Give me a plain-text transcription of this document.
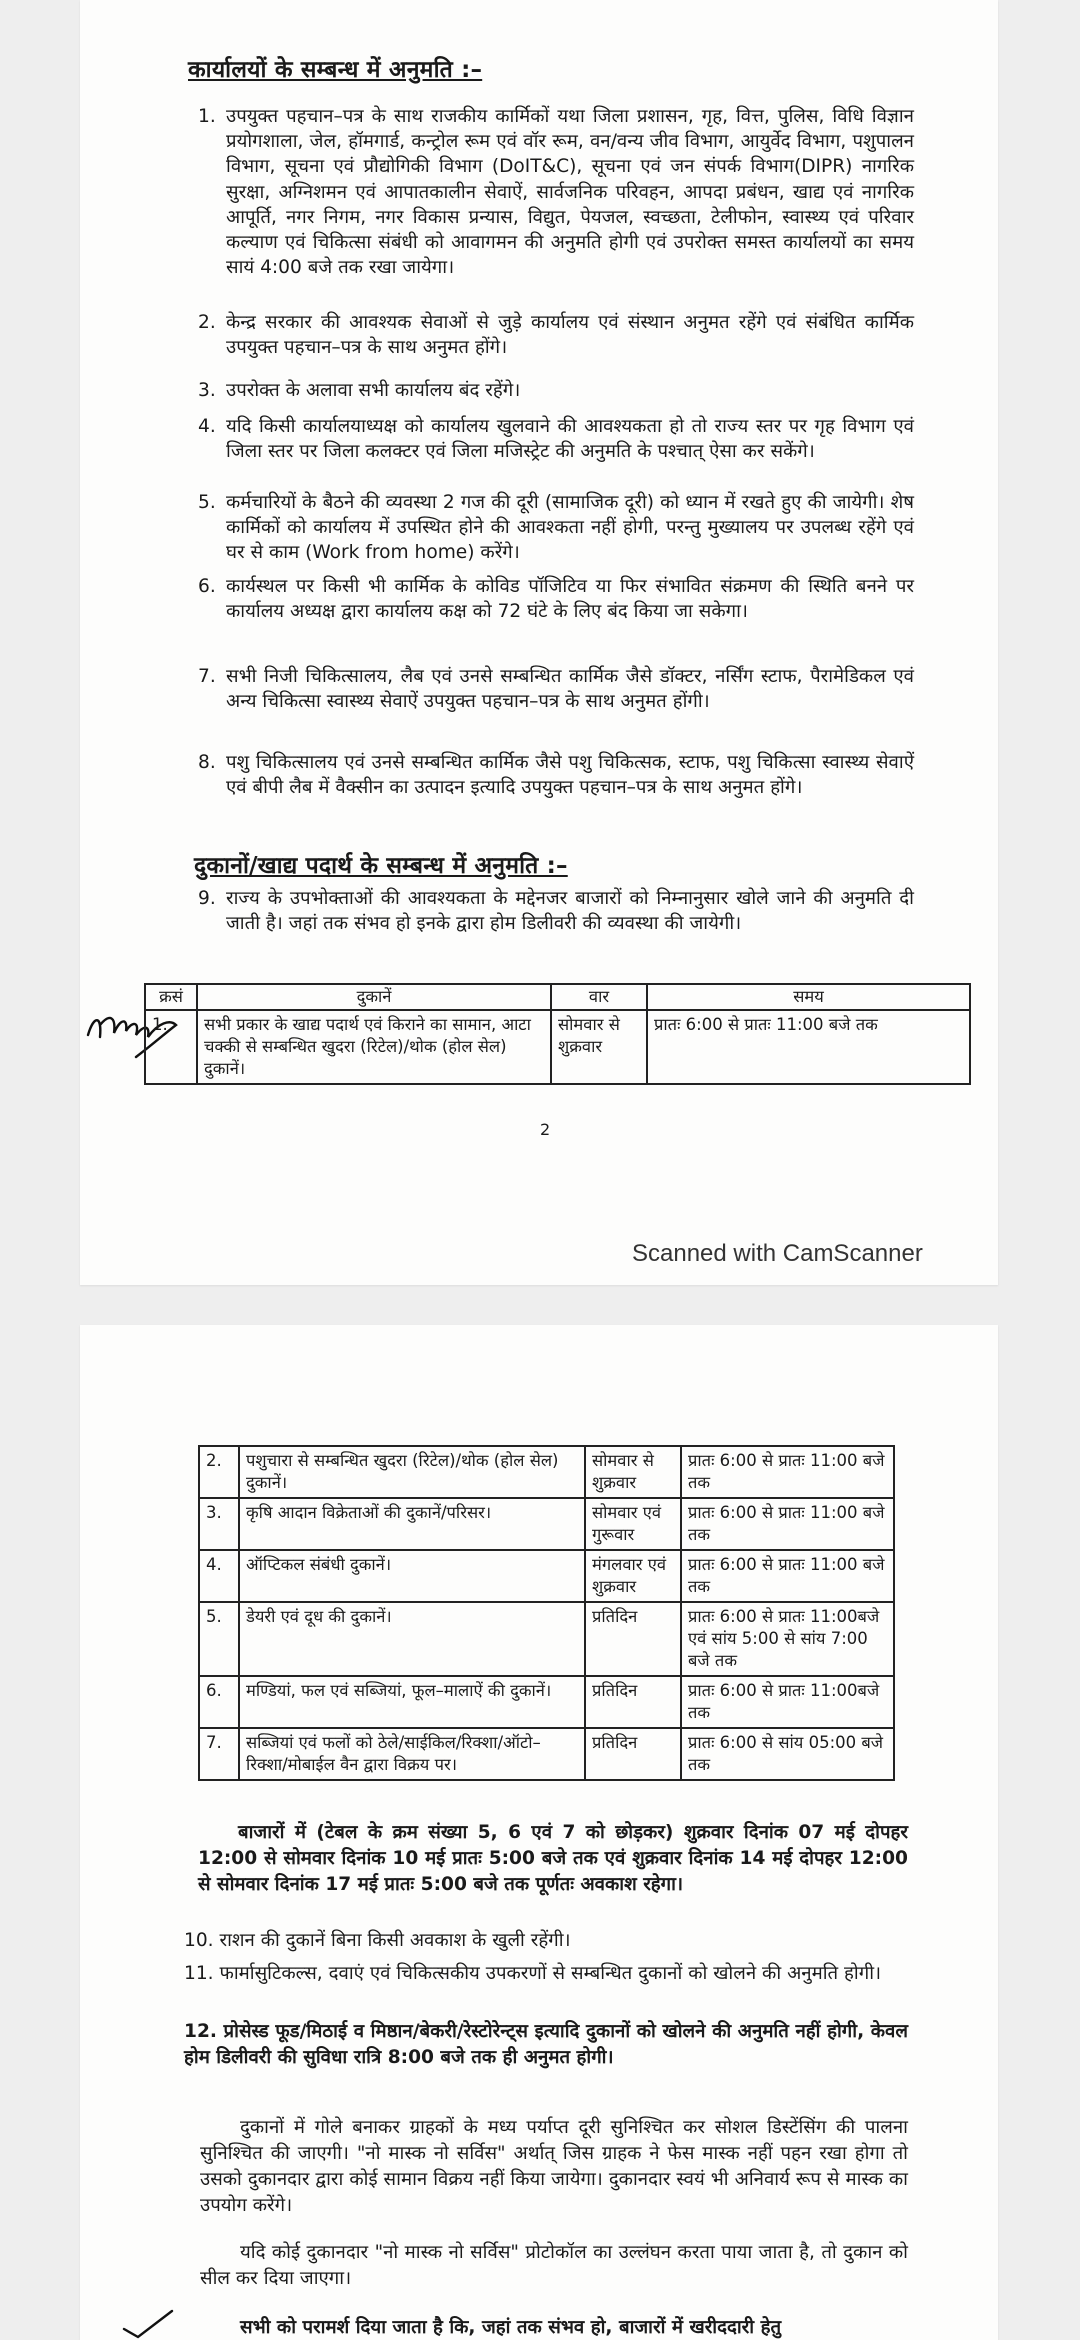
कार्यालयों के सम्बन्ध में अनुमति :–
1. उपयुक्त पहचान–पत्र के साथ राजकीय कार्मिकों यथा जिला प्रशासन, गृह, वित्त, पुलिस, विधि विज्ञान प्रयोगशाला, जेल, हॉमगार्ड, कन्ट्रोल रूम एवं वॉर रूम, वन/वन्य जीव विभाग, आयुर्वेद विभाग, पशुपालन विभाग, सूचना एवं प्रौद्योगिकी विभाग (DoIT&C), सूचना एवं जन संपर्क विभाग(DIPR) नागरिक सुरक्षा, अग्निशमन एवं आपातकालीन सेवाऐं, सार्वजनिक परिवहन, आपदा प्रबंधन, खाद्य एवं नागरिक आपूर्ति, नगर निगम, नगर विकास प्रन्यास, विद्युत, पेयजल, स्वच्छता, टेलीफोन, स्वास्थ्य एवं परिवार कल्याण एवं चिकित्सा संबंधी को आवागमन की अनुमति होगी एवं उपरोक्त समस्त कार्यालयों का समय सायं 4:00 बजे तक रखा जायेगा।
2. केन्द्र सरकार की आवश्यक सेवाओं से जुड़े कार्यालय एवं संस्थान अनुमत रहेंगे एवं संबंधित कार्मिक उपयुक्त पहचान–पत्र के साथ अनुमत होंगे।
3. उपरोक्त के अलावा सभी कार्यालय बंद रहेंगे।
4. यदि किसी कार्यालयाध्यक्ष को कार्यालय खुलवाने की आवश्यकता हो तो राज्य स्तर पर गृह विभाग एवं जिला स्तर पर जिला कलक्टर एवं जिला मजिस्ट्रेट की अनुमति के पश्चात् ऐसा कर सकेंगे।
5. कर्मचारियों के बैठने की व्यवस्था 2 गज की दूरी (सामाजिक दूरी) को ध्यान में रखते हुए की जायेगी। शेष कार्मिकों को कार्यालय में उपस्थित होने की आवश्कता नहीं होगी, परन्तु मुख्यालय पर उपलब्ध रहेंगे एवं घर से काम (Work from home) करेंगे।
6. कार्यस्थल पर किसी भी कार्मिक के कोविड पॉजिटिव या फिर संभावित संक्रमण की स्थिति बनने पर कार्यालय अध्यक्ष द्वारा कार्यालय कक्ष को 72 घंटे के लिए बंद किया जा सकेगा।
7. सभी निजी चिकित्सालय, लैब एवं उनसे सम्बन्धित कार्मिक जैसे डॉक्टर, नर्सिंग स्टाफ, पैरामेडिकल एवं अन्य चिकित्सा स्वास्थ्य सेवाऐं उपयुक्त पहचान–पत्र के साथ अनुमत होंगी।
8. पशु चिकित्सालय एवं उनसे सम्बन्धित कार्मिक जैसे पशु चिकित्सक, स्टाफ, पशु चिकित्सा स्वास्थ्य सेवाऐं एवं बीपी लैब में वैक्सीन का उत्पादन इत्यादि उपयुक्त पहचान–पत्र के साथ अनुमत होंगे।
दुकानों/खाद्य पदार्थ के सम्बन्ध में अनुमति :–
9. राज्य के उपभोक्ताओं की आवश्यकता के मद्देनजर बाजारों को निम्नानुसार खोले जाने की अनुमति दी जाती है। जहां तक संभव हो इनके द्वारा होम डिलीवरी की व्यवस्था की जायेगी।
क्रसं	दुकानें	वार	समय
1.	सभी प्रकार के खाद्य पदार्थ एवं किराने का सामान, आटा चक्की से सम्बन्धित खुदरा (रिटेल)/थोक (होल सेल) दुकानें।	सोमवार से शुक्रवार	प्रातः 6:00 से प्रातः 11:00 बजे तक
2
Scanned with CamScanner
2.	पशुचारा से सम्बन्धित खुदरा (रिटेल)/थोक (होल सेल) दुकानें।	सोमवार से शुक्रवार	प्रातः 6:00 से प्रातः 11:00 बजे तक
3.	कृषि आदान विक्रेताओं की दुकानें/परिसर।	सोमवार एवं गुरूवार	प्रातः 6:00 से प्रातः 11:00 बजे तक
4.	ऑप्टिकल संबंधी दुकानें।	मंगलवार एवं शुक्रवार	प्रातः 6:00 से प्रातः 11:00 बजे तक
5.	डेयरी एवं दूध की दुकानें।	प्रतिदिन	प्रातः 6:00 से प्रातः 11:00बजे एवं सांय 5:00 से सांय 7:00 बजे तक
6.	मण्डियां, फल एवं सब्जियां, फूल–मालाऐं की दुकानें।	प्रतिदिन	प्रातः 6:00 से प्रातः 11:00बजे तक
7.	सब्जियां एवं फलों को ठेले/साईकिल/रिक्शा/ऑटो–रिक्शा/मोबाईल वैन द्वारा विक्रय पर।	प्रतिदिन	प्रातः 6:00 से सांय 05:00 बजे तक
बाजारों में (टेबल के क्रम संख्या 5, 6 एवं 7 को छोड़कर) शुक्रवार दिनांक 07 मई दोपहर 12:00 से सोमवार दिनांक 10 मई प्रातः 5:00 बजे तक एवं शुक्रवार दिनांक 14 मई दोपहर 12:00 से सोमवार दिनांक 17 मई प्रातः 5:00 बजे तक पूर्णतः अवकाश रहेगा।
10. राशन की दुकानें बिना किसी अवकाश के खुली रहेंगी।
11. फार्मासुटिकल्स, दवाएं एवं चिकित्सकीय उपकरणों से सम्बन्धित दुकानों को खोलने की अनुमति होगी।
12. प्रोसेस्ड फूड/मिठाई व मिष्ठान/बेकरी/रेस्टोरेन्ट्स इत्यादि दुकानों को खोलने की अनुमति नहीं होगी, केवल होम डिलीवरी की सुविधा रात्रि 8:00 बजे तक ही अनुमत होगी।
दुकानों में गोले बनाकर ग्राहकों के मध्य पर्याप्त दूरी सुनिश्चित कर सोशल डिस्टेंसिंग की पालना सुनिश्चित की जाएगी। "नो मास्क नो सर्विस" अर्थात् जिस ग्राहक ने फेस मास्क नहीं पहन रखा होगा तो उसको दुकानदार द्वारा कोई सामान विक्रय नहीं किया जायेगा। दुकानदार स्वयं भी अनिवार्य रूप से मास्क का उपयोग करेंगे।
यदि कोई दुकानदार "नो मास्क नो सर्विस" प्रोटोकॉल का उल्लंघन करता पाया जाता है, तो दुकान को सील कर दिया जाएगा।
सभी को परामर्श दिया जाता है कि, जहां तक संभव हो, बाजारों में खरीददारी हेतु
